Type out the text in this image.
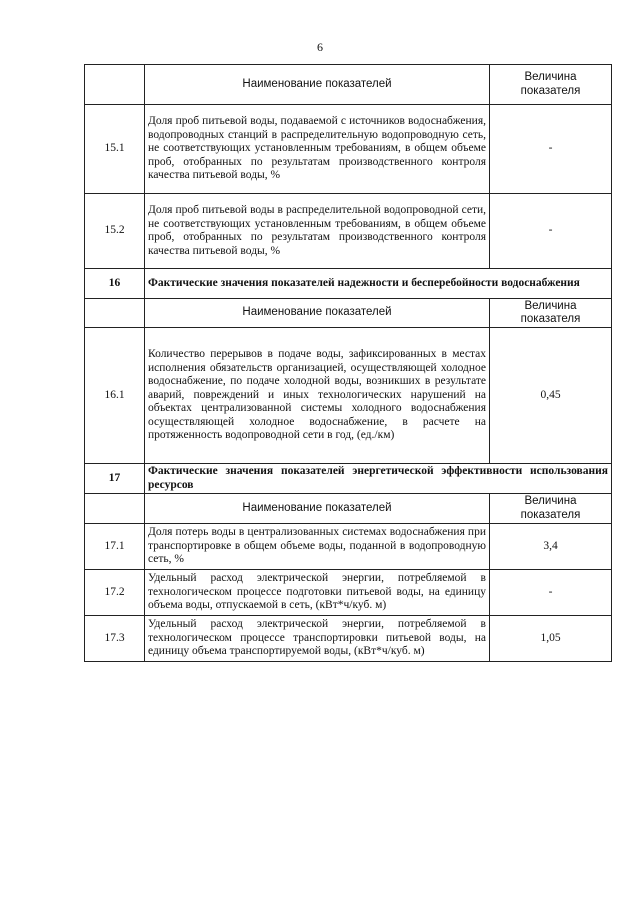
6
	Наименование показателей	Величина
показателя

15.1	Доля проб питьевой воды, подаваемой с источников водоснабжения, водопроводных станций в распределительную водопроводную сеть, не соответствующих установленным требованиям, в общем объеме проб, отобранных по результатам производственного контроля качества питьевой воды, %	-
15.2	Доля проб питьевой воды в распределительной водопроводной сети, не соответствующих установленным требованиям, в общем объеме проб, отобранных по результатам производственного контроля качества питьевой воды, %	-
16	Фактические значения показателей надежности и бесперебойности водоснабжения	
	Наименование показателей	Величина
показателя

16.1	Количество перерывов в подаче воды, зафиксированных в местах исполнения обязательств организацией, осуществляющей холодное водоснабжение, по подаче холодной воды, возникших в результате аварий, повреждений и иных технологических нарушений на объектах централизованной системы холодного водоснабжения осуществляющей холодное водоснабжение, в расчете на протяженность водопроводной сети в год, (ед./км)	0,45
17	Фактические значения показателей энергетической эффективности использования ресурсов	
	Наименование показателей	Величина
показателя

17.1	Доля потерь воды в централизованных системах водоснабжения при транспортировке в общем объеме воды, поданной в водопроводную сеть, %	3,4
17.2	Удельный расход электрической энергии, потребляемой в технологическом процессе подготовки питьевой воды, на единицу объема воды, отпускаемой в сеть, (кВт*ч/куб. м)	-
17.3	Удельный расход электрической энергии, потребляемой в технологическом процессе транспортировки питьевой воды, на единицу объема транспортируемой воды, (кВт*ч/куб. м)	1,05
